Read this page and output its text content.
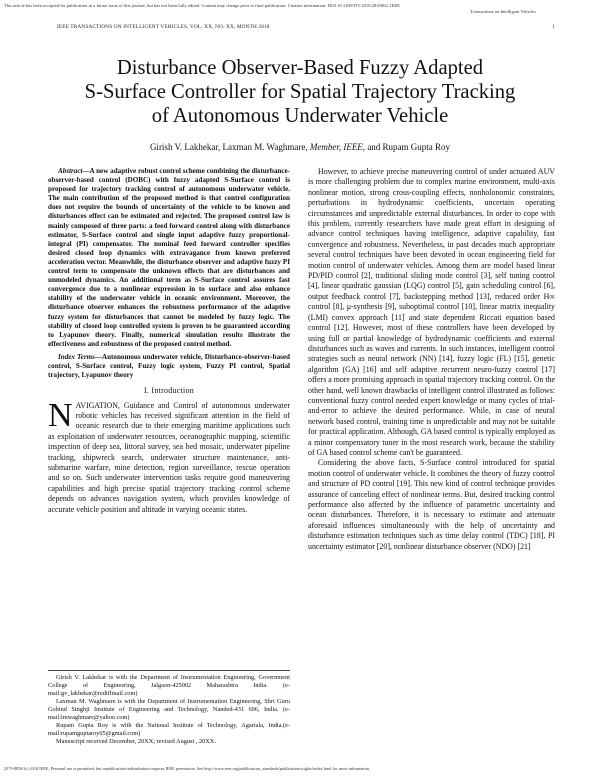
This article has been accepted for publication in a future issue of this journal, but has not been fully edited. Content may change prior to final publication. Citation information: DOI 10.1109/TIV.2018.2816002, IEEE
Transactions on Intelligent Vehicles
IEEE TRANSACTIONS ON INTELLIGENT VEHICLES, VOL. XX, NO. XX, MONTH 2018	1
Disturbance Observer-Based Fuzzy Adapted
S-Surface Controller for Spatial Trajectory Tracking
of Autonomous Underwater Vehicle
Girish V. Lakhekar, Laxman M. Waghmare, Member, IEEE, and Rupam Gupta Roy

Abstract—A new adaptive robust control scheme combining the disturbance-observer-based control (DOBC) with fuzzy adapted S-Surface control is proposed for trajectory tracking control of autonomous underwater vehicle. The main contribution of the proposed method is that control configuration does not require the bounds of uncertainty of the vehicle to be known and disturbances effect can be estimated and rejected. The proposed control law is mainly composed of three parts: a feed forward control along with disturbance estimator, S-Surface control and single input adaptive fuzzy proportional-integral (PI) compensator. The nominal feed forward controller specifies desired closed loop dynamics with extravagance from known preferred acceleration vector. Meanwhile, the disturbance observer and adaptive fuzzy PI control term to compensate the unknown effects that are disturbances and unmodeled dynamics. An additional term as S-Surface control assures fast convergence due to a nonlinear expression in to surface and also enhance stability of the underwater vehicle in oceanic environment. Moreover, the disturbance observer enhances the robustness performance of the adaptive fuzzy system for disturbances that cannot be modeled by fuzzy logic. The stability of closed loop controlled system is proven to be guaranteed according to Lyapunov theory. Finally, numerical simulation results illustrate the effectiveness and robustness of the proposed control method.

Index Terms—Autonomous underwater vehicle, Disturbance-observer-based control, S-Surface control, Fuzzy logic system, Fuzzy PI control, Spatial trajectory, Lyapunov theory

I. Introduction

NAVIGATION, Guidance and Control of autonomous underwater robotic vehicles has received significant attention in the field of oceanic research due to their emerging maritime applications such as exploitation of underwater resources, oceanographic mapping, scientific inspection of deep sea, littoral survey, sea bed mosaic, underwater pipeline tracking, shipwreck search, underwater structure maintenance, anti-submarine warfare, mine detection, region surveillance, rescue operation and so on. Such underwater intervention tasks require good maneuvering capabilities and high precise spatial trajectory tracking control scheme depends on advances navigation system, which provides knowledge of accurate vehicle position and altitude in varying oceanic states.

Girish V. Lakhekar is with the Department of Instrumentation Engineering, Government College of Engineering, Jalgaon-425002 Maharashtra India. (e-mail:gv_lakhekar@rediffmail.com)

Laxman M. Waghmare is with the Department of Instrumentation Engineering, Shri Guru Gobind Singhji Institute of Engineering and Technology, Nanded-431 606, India. (e-mail:lmwaghmare@yahoo.com)

Rupam Gupta Roy is with the National Institute of Technology, Agartala, India.(e-mail:rupamguptaroy05@gmail.com)

Manuscript received December, 20XX; revised August , 20XX.

However, to achieve precise maneuvering control of under actuated AUV is more challenging problem due to complex marine environment, multi-axis nonlinear motion, strong cross-coupling effects, nonholonomic constraints, perturbations in hydrodynamic coefficients, uncertain operating circumstances and unpredictable external disturbances. In order to cope with this problem, currently researchers have made great effort in designing of advance control techniques having intelligence, adaptive capability, fast convergence and robustness. Nevertheless, in past decades much appropriate several control techniques have been devoted in ocean engineering field for motion control of underwater vehicles. Among them are model based linear PD/PID control [2], traditional sliding mode control [3], self tuning control [4], linear quadratic gaussian (LQG) control [5], gain scheduling control [6], output feedback control [7], backstepping method [13], reduced order H∞ control [8], μ-synthesis [9], suboptimal control [10], linear matrix inequality (LMI) convex approach [11] and state dependent Riccati equation based control [12]. However, most of these controllers have been developed by using full or partial knowledge of hydrodynamic coefficients and external disturbances such as waves and currents. In such instances, intelligent control strategies such as neural network (NN) [14], fuzzy logic (FL) [15], genetic algorithm (GA) [16] and self adaptive recurrent neuro-fuzzy control [17] offers a more promising approach in spatial trajectory tracking control. On the other hand, well known drawbacks of intelligent control illustrated as follows: conventional fuzzy control needed expert knowledge or many cycles of trial-and-error to achieve the desired performance. While, in case of neural network based control, training time is unpredictable and may not be suitable for practical application. Although, GA based control is typically employed as a minor compensatory tuner in the most research work, because the stability of GA based control scheme can't be guaranteed.

Considering the above facts, S-Surface control introduced for spatial motion control of underwater vehicle. It combines the theory of fuzzy control and structure of PD control [19]. This new kind of control technique provides assurance of canceling effect of nonlinear terms. But, desired tracking control performance also affected by the influence of parametric uncertainty and ocean disturbances. Therefore, it is necessary to estimate and attenuate aforesaid influences simultaneously with the help of uncertainty and disturbance estimation techniques such as time delay control (TDC) [18], PI uncertainty estimator [20], nonlinear disturbance observer (NDO) [21]

2379-8858 (c) 2018 IEEE. Personal use is permitted, but republication/redistribution requires IEEE permission. See http://www.ieee.org/publications_standards/publications/rights/index.html for more information.
